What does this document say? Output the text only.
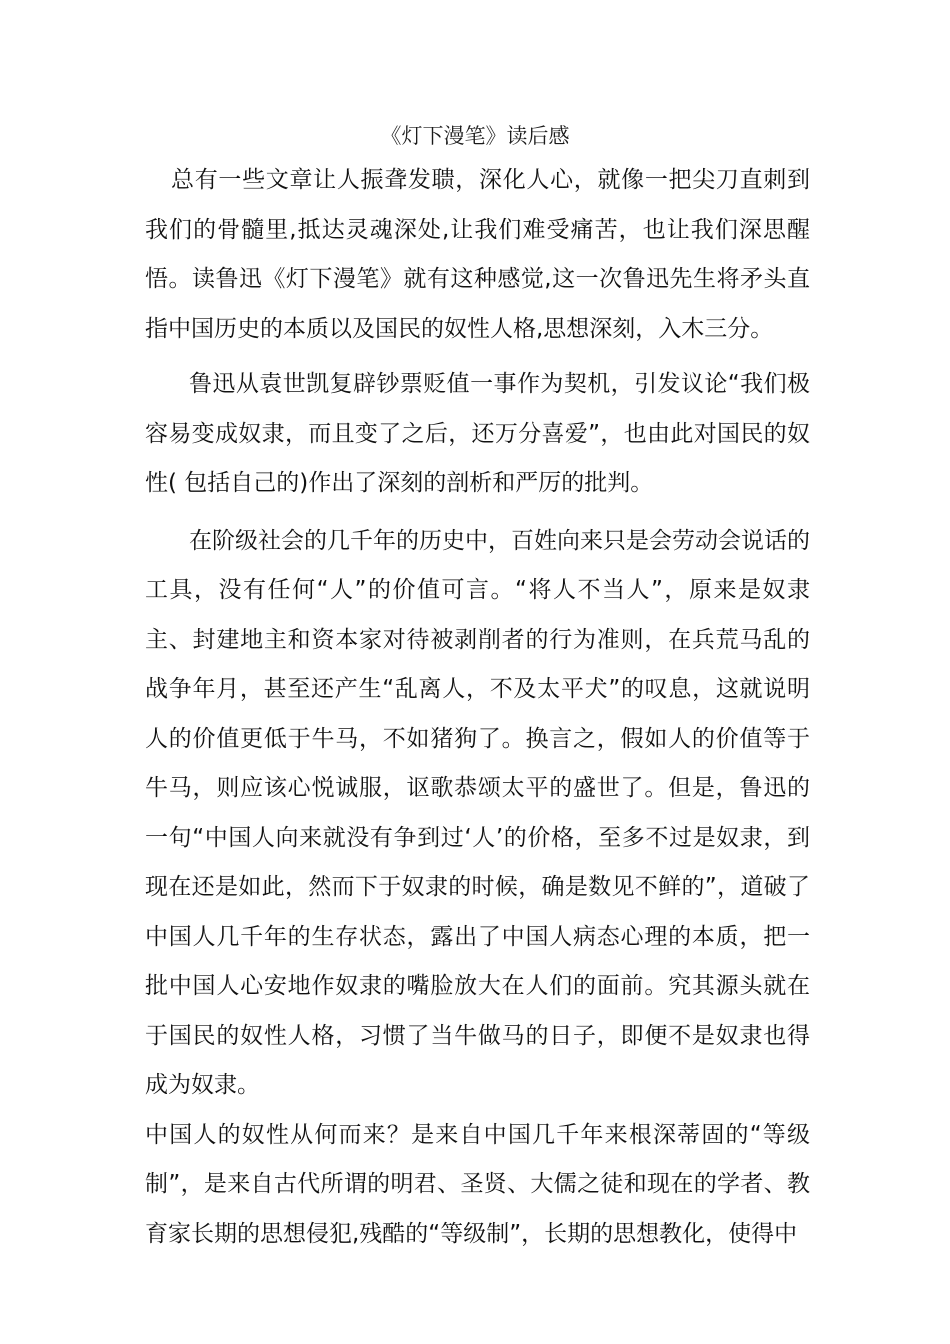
《灯下漫笔》读后感

总有一些文章让人振聋发聩，深化人心，就像一把尖刀直刺到我们的骨髓里,抵达灵魂深处,让我们难受痛苦，也让我们深思醒悟。读鲁迅《灯下漫笔》就有这种感觉,这一次鲁迅先生将矛头直指中国历史的本质以及国民的奴性人格,思想深刻，入木三分。

鲁迅从袁世凯复辟钞票贬值一事作为契机，引发议论“我们极容易变成奴隶，而且变了之后，还万分喜爱”，也由此对国民的奴性( 包括自己的)作出了深刻的剖析和严厉的批判。

在阶级社会的几千年的历史中，百姓向来只是会劳动会说话的工具，没有任何“人”的价值可言。“将人不当人”，原来是奴隶主、封建地主和资本家对待被剥削者的行为准则，在兵荒马乱的战争年月，甚至还产生“乱离人，不及太平犬”的叹息，这就说明人的价值更低于牛马，不如猪狗了。换言之，假如人的价值等于牛马，则应该心悦诚服，讴歌恭颂太平的盛世了。但是，鲁迅的一句“中国人向来就没有争到过‘人’的价格，至多不过是奴隶，到现在还是如此，然而下于奴隶的时候，确是数见不鲜的”，道破了中国人几千年的生存状态，露出了中国人病态心理的本质，把一批中国人心安地作奴隶的嘴脸放大在人们的面前。究其源头就在于国民的奴性人格，习惯了当牛做马的日子，即便不是奴隶也得成为奴隶。

中国人的奴性从何而来？是来自中国几千年来根深蒂固的“等级制”，是来自古代所谓的明君、圣贤、大儒之徒和现在的学者、教育家长期的思想侵犯,残酷的“等级制”，长期的思想教化，使得中
